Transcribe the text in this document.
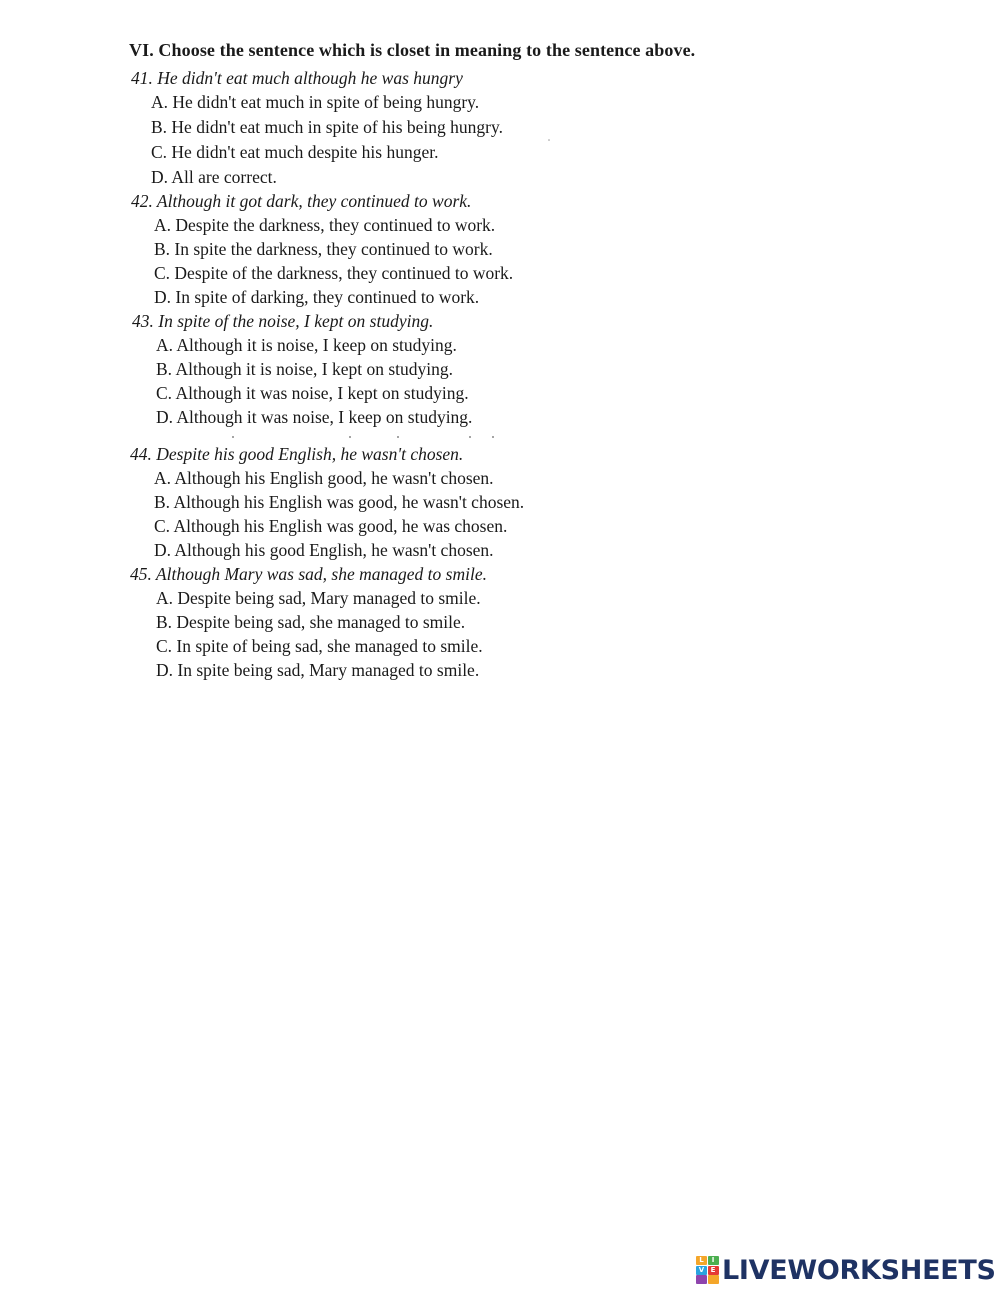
VI. Choose the sentence which is closet in meaning to the sentence above.
41. He didn't eat much although he was hungry
A. He didn't eat much in spite of being hungry.
B. He didn't eat much in spite of his being hungry.
C. He didn't eat much despite his hunger.
D. All are correct.
42. Although it got dark, they continued to work.
A. Despite the darkness, they continued to work.
B. In spite the darkness, they continued to work.
C. Despite of the darkness, they continued to work.
D. In spite of darking, they continued to work.
43. In spite of the noise, I kept on studying.
A. Although it is noise, I keep on studying.
B. Although it is noise, I kept on studying.
C. Although it was noise, I kept on studying.
D. Although it was noise, I keep on studying.
44. Despite his good English, he wasn't chosen.
A. Although his English good, he wasn't chosen.
B. Although his English was good, he wasn't chosen.
C. Although his English was good, he was chosen.
D. Although his good English, he wasn't chosen.
45. Although Mary was sad, she managed to smile.
A. Despite being sad, Mary managed to smile.
B. Despite being sad, she managed to smile.
C. In spite of being sad, she managed to smile.
D. In spite being sad, Mary managed to smile.
L	I
V E LIVEWORKSHEETS
